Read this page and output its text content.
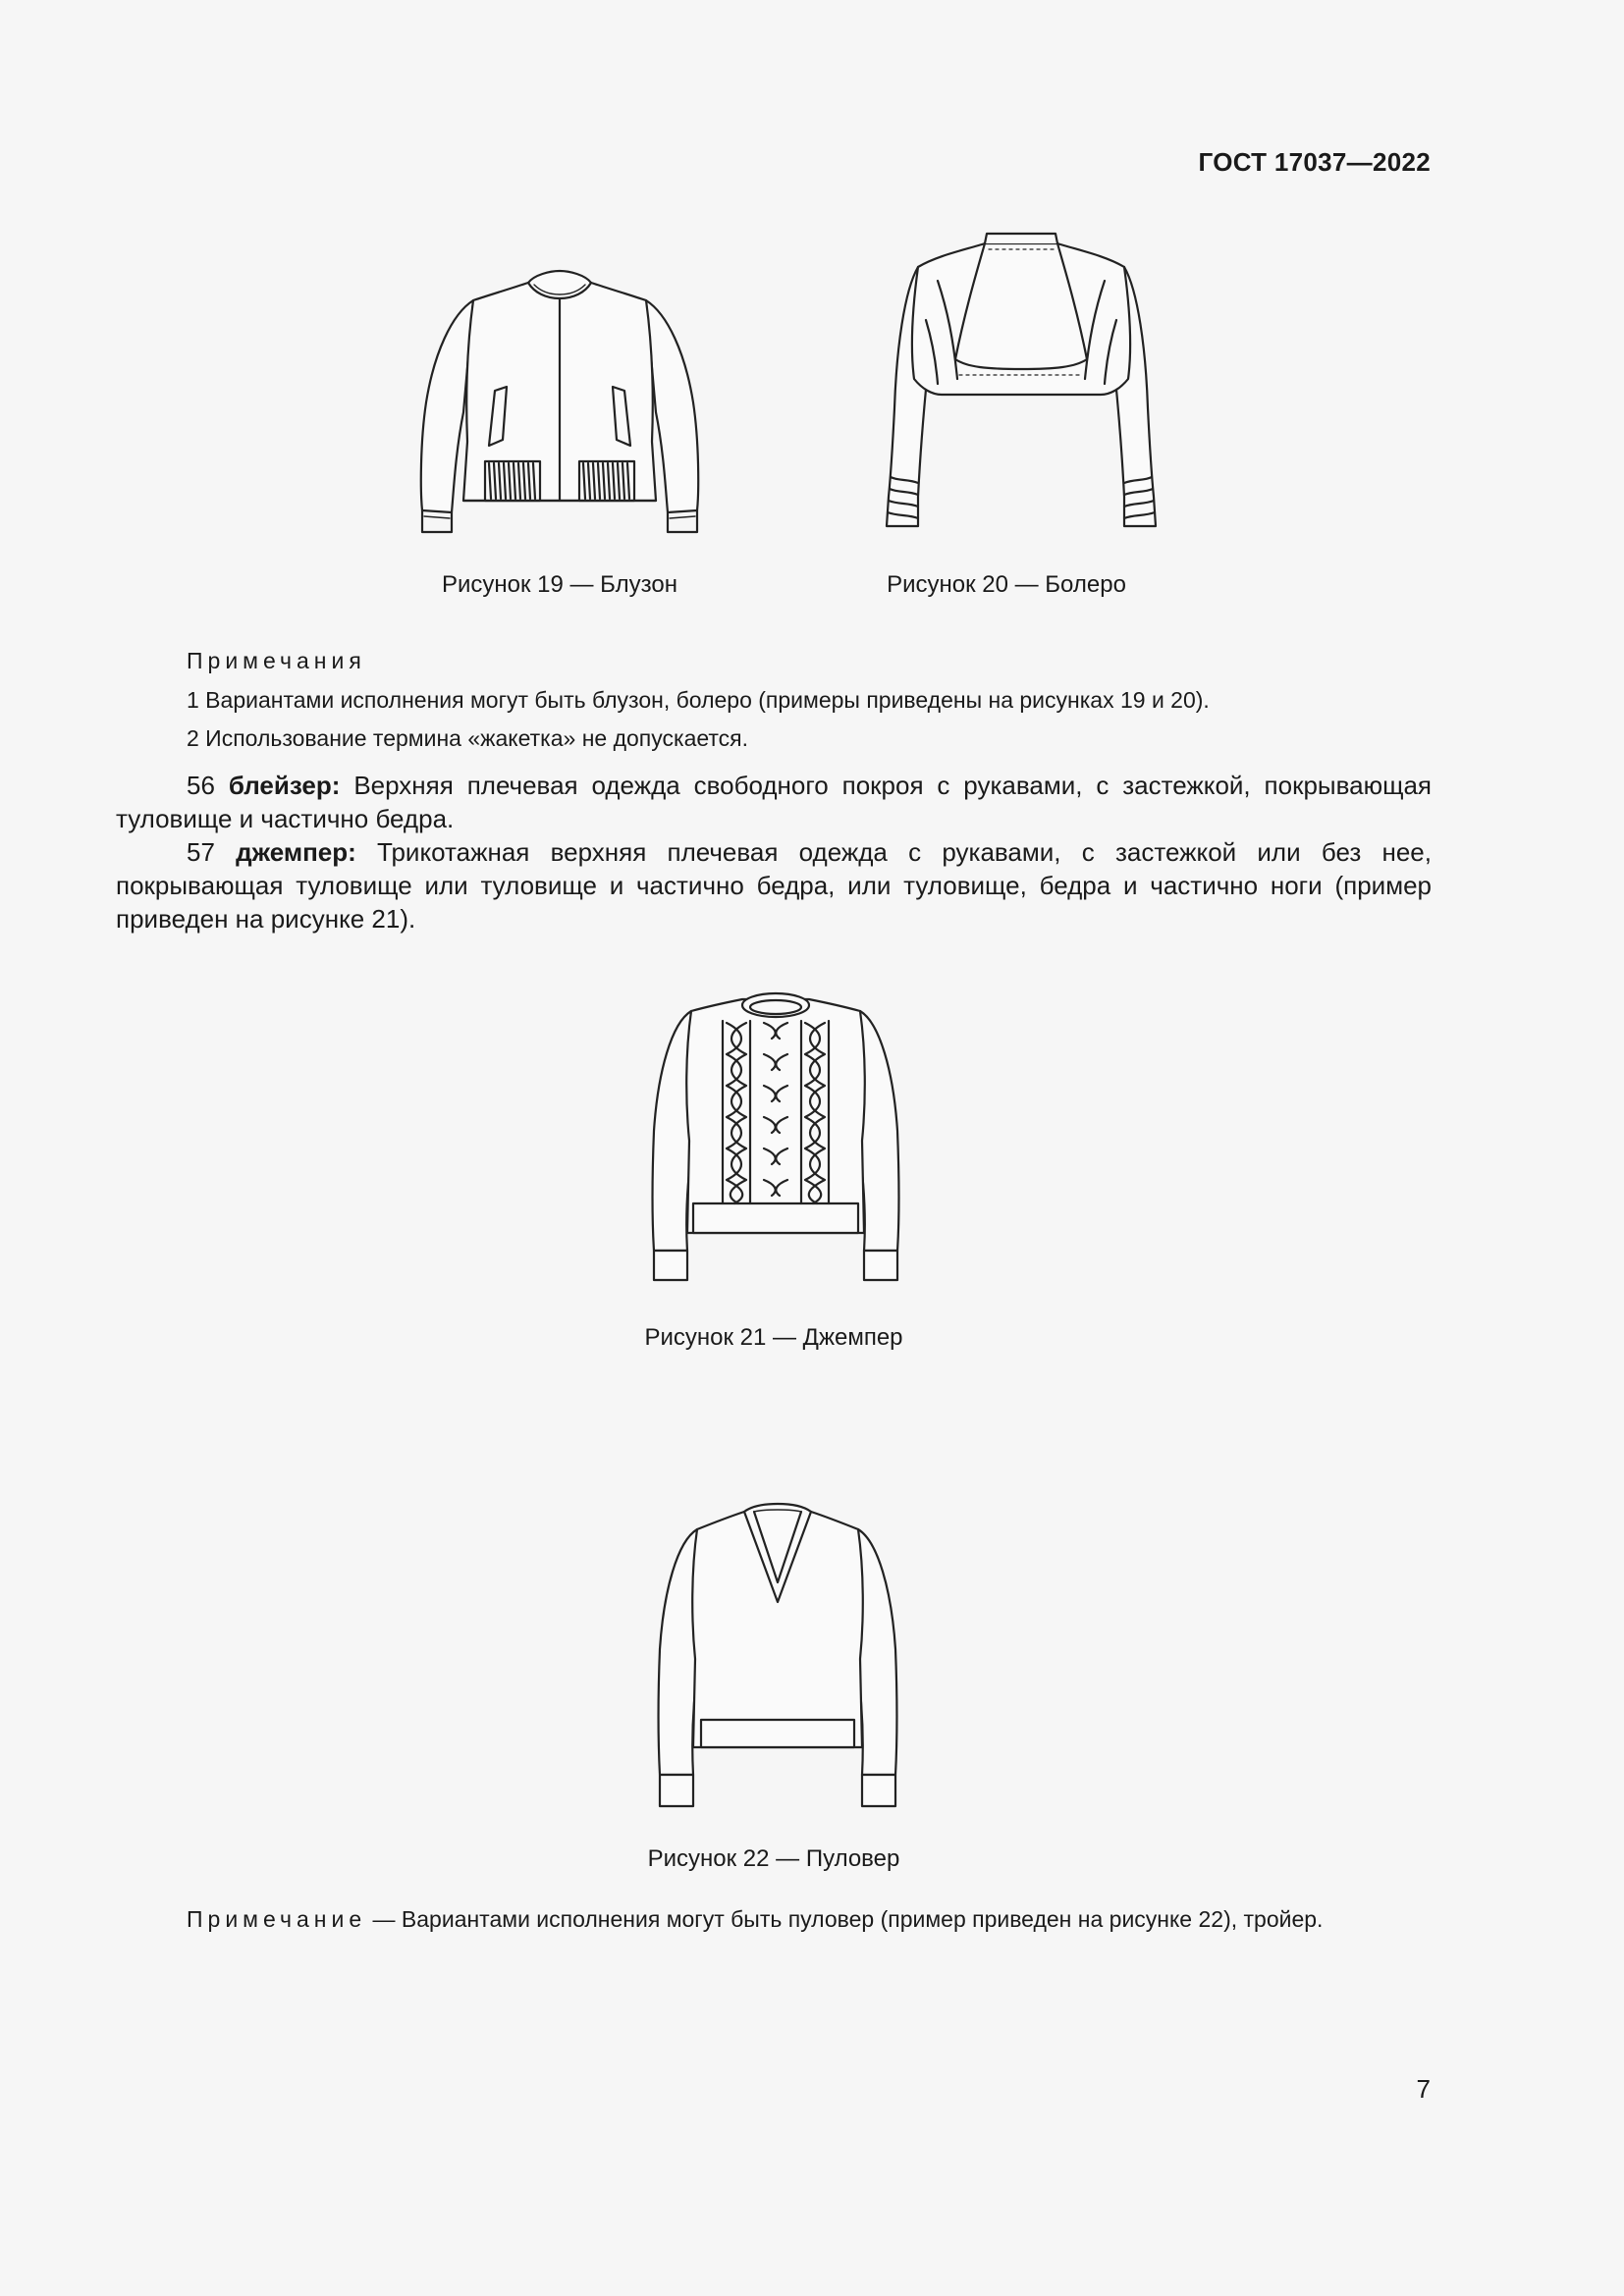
ГОСТ 17037—2022
Рисунок 19 — Блузон	Рисунок 20 — Болеро
Примечания
1 Вариантами исполнения могут быть блузон, болеро (примеры приведены на рисунках 19 и 20).
2 Использование термина «жакетка» не допускается.
56 блейзер: Верхняя плечевая одежда свободного покроя с рукавами, с застежкой, покрывающая туловище и частично бедра.
57 джемпер: Трикотажная верхняя плечевая одежда с рукавами, с застежкой или без нее, покрывающая туловище или туловище и частично бедра, или туловище, бедра и частично ноги (пример приведен на рисунке 21).
Рисунок 21 — Джемпер
Рисунок 22 — Пуловер
Примечание — Вариантами исполнения могут быть пуловер (пример приведен на рисунке 22), тройер.
7
